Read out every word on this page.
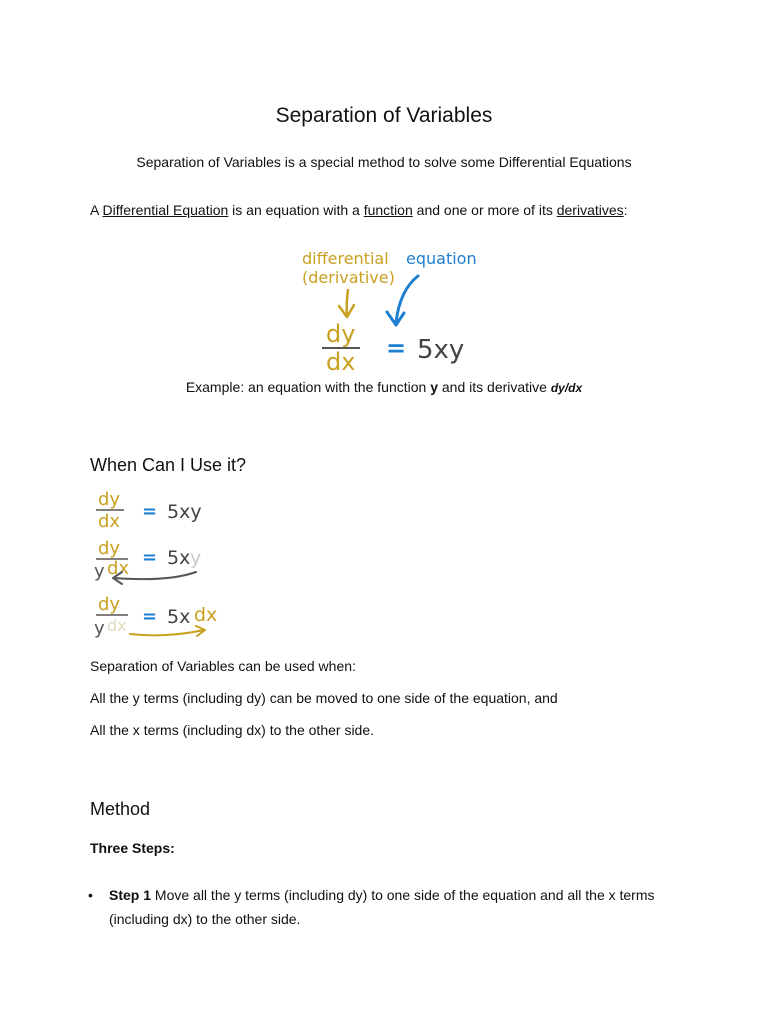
Separation of Variables
Separation of Variables is a special method to solve some Differential Equations
A Differential Equation is an equation with a function and one or more of its derivatives:
differential
(derivative)
equation
dy
dx = 5xy
Example: an equation with the function y and its derivative dy/dx
When Can I Use it?
dy
dx = 5xy
dy
y dx
= 5x y
dy
y dx = 5x dx
Separation of Variables can be used when:
All the y terms (including dy) can be moved to one side of the equation, and
All the x terms (including dx) to the other side.
Method
Three Steps:
• Step 1 Move all the y terms (including dy) to one side of the equation and all the x terms
(including dx) to the other side.
